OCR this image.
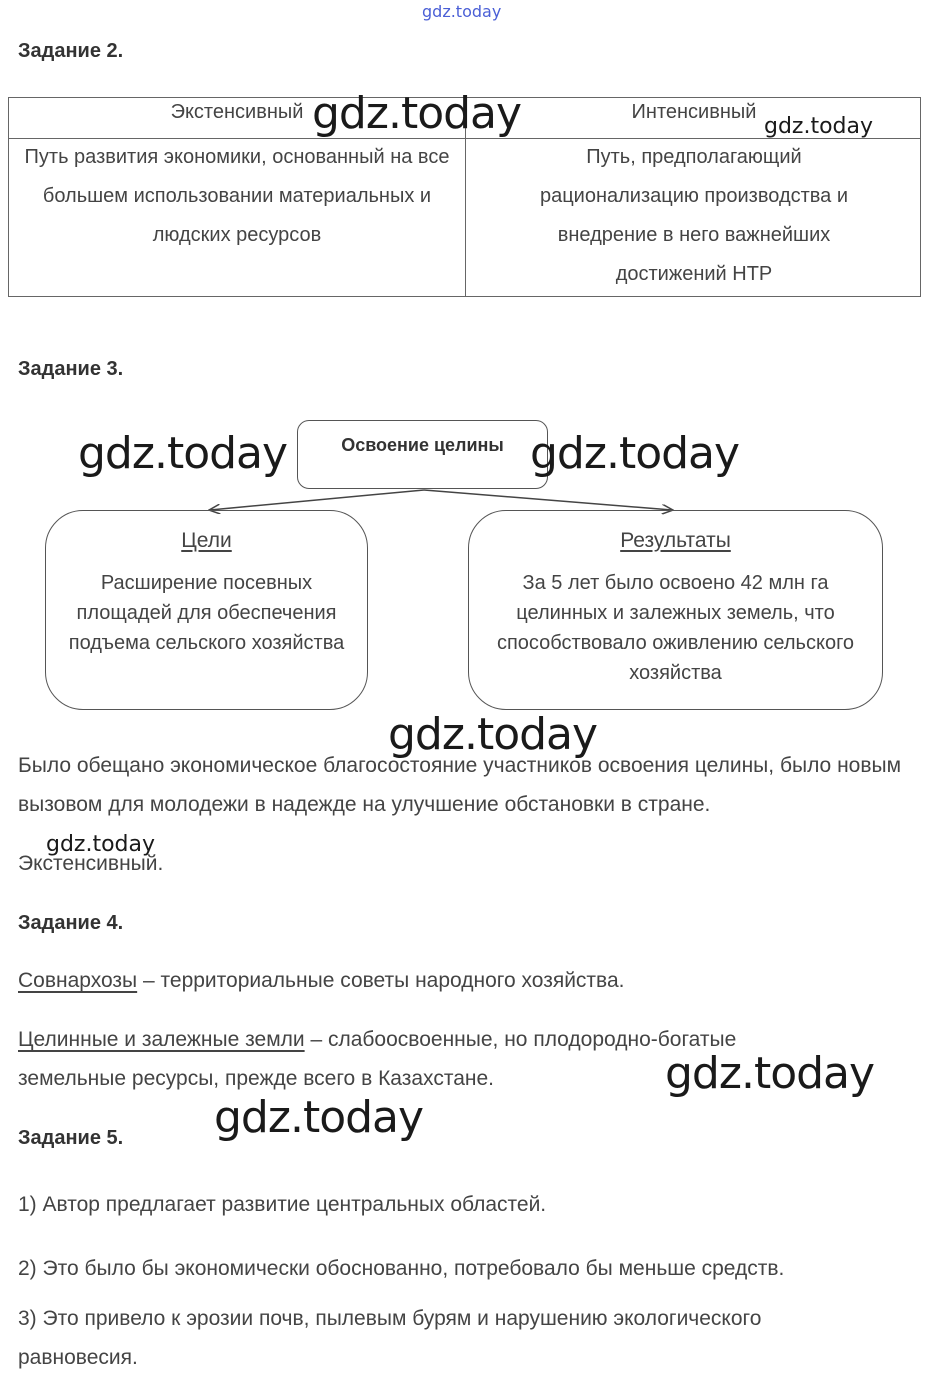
gdz.today
Задание 2.
Экстенсивный	Интенсивный
Путь развития экономики, основанный на все большем использовании материальных и людских ресурсов
Путь, предполагающий рационализацию производства и внедрение в него важнейших достижений НТР
gdz.today	gdz.today
Задание 3.
Освоение целины
Цели
Расширение посевных площадей для обеспечения подъема сельского хозяйства
Результаты
За 5 лет было освоено 42 млн га целинных и залежных земель, что способствовало оживлению сельского хозяйства
gdz.today	gdz.today
gdz.today
Было обещано экономическое благосостояние участников освоения целины, было новым вызовом для молодежи в надежде на улучшение обстановки в стране.
Экстенсивный.
gdz.today
Задание 4.
Совнархозы – территориальные советы народного хозяйства.
Целинные и залежные земли – слабоосвоенные, но плодородно-богатые земельные ресурсы, прежде всего в Казахстане.	gdz.today
gdz.today
Задание 5.
1) Автор предлагает развитие центральных областей.
2) Это было бы экономически обоснованно, потребовало бы меньше средств.
3) Это привело к эрозии почв, пылевым бурям и нарушению экологического равновесия.
